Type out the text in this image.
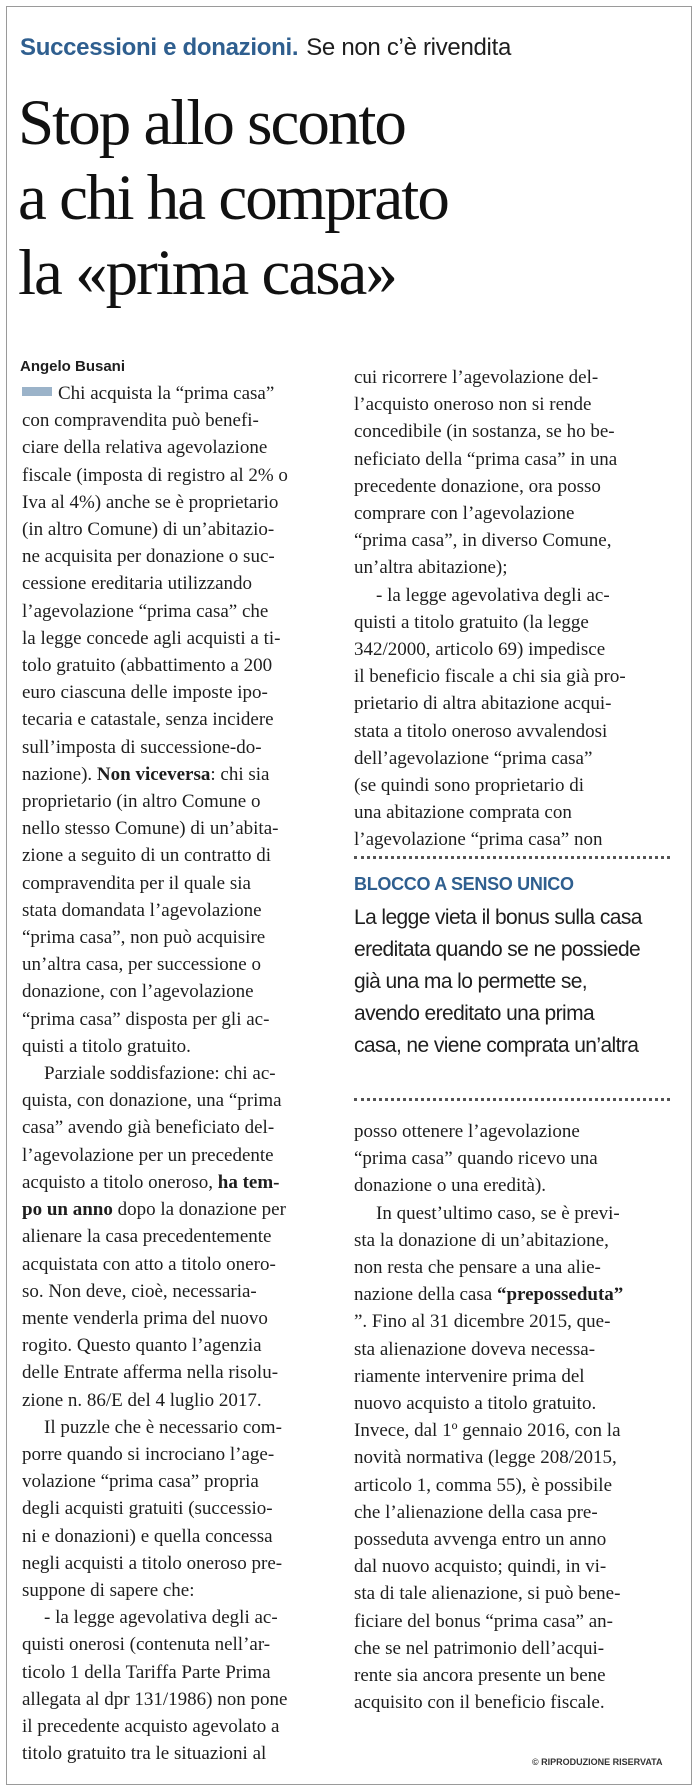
Successioni e donazioni. Se non c’è rivendita
Stop allo sconto
a chi ha comprato
la «prima casa»
Angelo Busani
Chi acquista la “prima casa”
con compravendita può benefi-
ciare della relativa agevolazione
fiscale (imposta di registro al 2% o
Iva al 4%) anche se è proprietario
(in altro Comune) di un’abitazio-
ne acquisita per donazione o suc-
cessione ereditaria utilizzando
l’agevolazione “prima casa” che
la legge concede agli acquisti a ti-
tolo gratuito (abbattimento a 200
euro ciascuna delle imposte ipo-
tecaria e catastale, senza incidere
sull’imposta di successione-do-
nazione). Non viceversa: chi sia
proprietario (in altro Comune o
nello stesso Comune) di un’abita-
zione a seguito di un contratto di
compravendita per il quale sia
stata domandata l’agevolazione
“prima casa”, non può acquisire
un’altra casa, per successione o
donazione, con l’agevolazione
“prima casa” disposta per gli ac-
quisti a titolo gratuito.
Parziale soddisfazione: chi ac-
quista, con donazione, una “prima
casa” avendo già beneficiato del-
l’agevolazione per un precedente
acquisto a titolo oneroso, ha tem-
po un anno dopo la donazione per
alienare la casa precedentemente
acquistata con atto a titolo onero-
so. Non deve, cioè, necessaria-
mente venderla prima del nuovo
rogito. Questo quanto l’agenzia
delle Entrate afferma nella risolu-
zione n. 86/E del 4 luglio 2017.
Il puzzle che è necessario com-
porre quando si incrociano l’age-
volazione “prima casa” propria
degli acquisti gratuiti (successio-
ni e donazioni) e quella concessa
negli acquisti a titolo oneroso pre-
suppone di sapere che:
- la legge agevolativa degli ac-
quisti onerosi (contenuta nell’ar-
ticolo 1 della Tariffa Parte Prima
allegata al dpr 131/1986) non pone
il precedente acquisto agevolato a
titolo gratuito tra le situazioni al
cui ricorrere l’agevolazione del-
l’acquisto oneroso non si rende
concedibile (in sostanza, se ho be-
neficiato della “prima casa” in una
precedente donazione, ora posso
comprare con l’agevolazione
“prima casa”, in diverso Comune,
un’altra abitazione);
- la legge agevolativa degli ac-
quisti a titolo gratuito (la legge
342/2000, articolo 69) impedisce
il beneficio fiscale a chi sia già pro-
prietario di altra abitazione acqui-
stata a titolo oneroso avvalendosi
dell’agevolazione “prima casa”
(se quindi sono proprietario di
una abitazione comprata con
l’agevolazione “prima casa” non
BLOCCO A SENSO UNICO
La legge vieta il bonus sulla casa
ereditata quando se ne possiede
già una ma lo permette se,
avendo ereditato una prima
casa, ne viene comprata un’altra
posso ottenere l’agevolazione
“prima casa” quando ricevo una
donazione o una eredità).
In quest’ultimo caso, se è previ-
sta la donazione di un’abitazione,
non resta che pensare a una alie-
nazione della casa “preposseduta”
”. Fino al 31 dicembre 2015, que-
sta alienazione doveva necessa-
riamente intervenire prima del
nuovo acquisto a titolo gratuito.
Invece, dal 1º gennaio 2016, con la
novità normativa (legge 208/2015,
articolo 1, comma 55), è possibile
che l’alienazione della casa pre-
posseduta avvenga entro un anno
dal nuovo acquisto; quindi, in vi-
sta di tale alienazione, si può bene-
ficiare del bonus “prima casa” an-
che se nel patrimonio dell’acqui-
rente sia ancora presente un bene
acquisito con il beneficio fiscale.
© RIPRODUZIONE RISERVATA
